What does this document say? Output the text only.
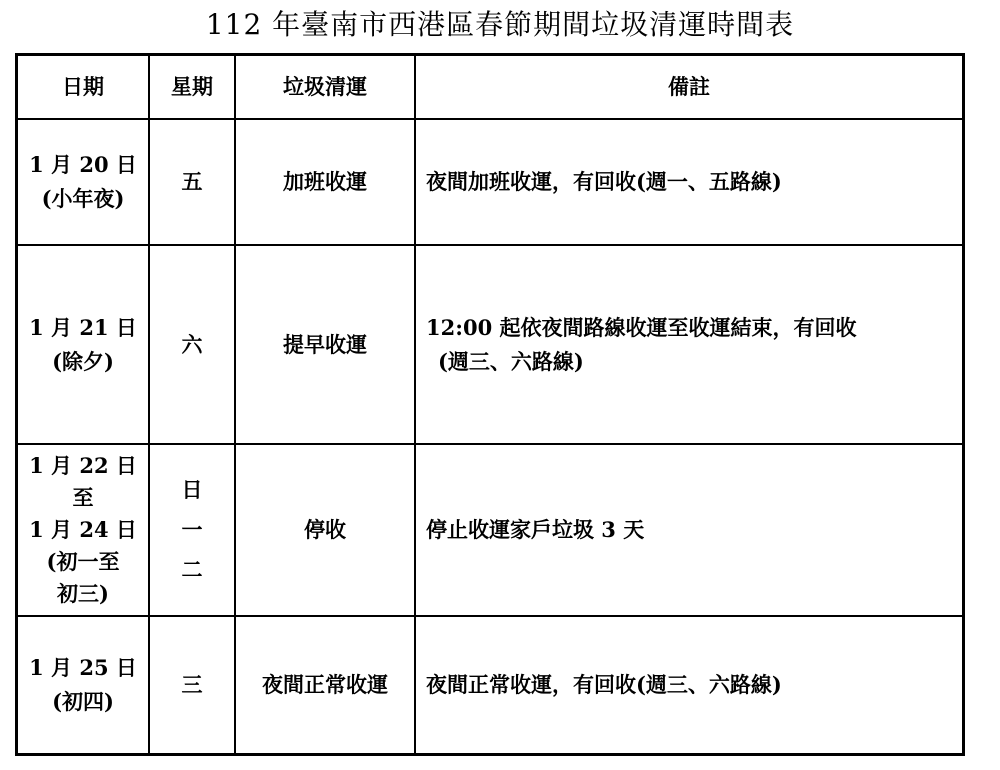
112 年臺南市西港區春節期間垃圾清運時間表
日期	星期	垃圾清運	備註

1 月 20 日
(小年夜)	五	加班收運	夜間加班收運，有回收(週一、五路線)

1 月 21 日
(除夕)	六	提早收運	12:00 起依夜間路線收運至收運結束，有回收
(週三、六路線)

1 月 22 日
至
1 月 24 日
(初一至
初三)	日
一
二	停收	停止收運家戶垃圾 3 天

1 月 25 日
(初四)	三	夜間正常收運	夜間正常收運，有回收(週三、六路線)
